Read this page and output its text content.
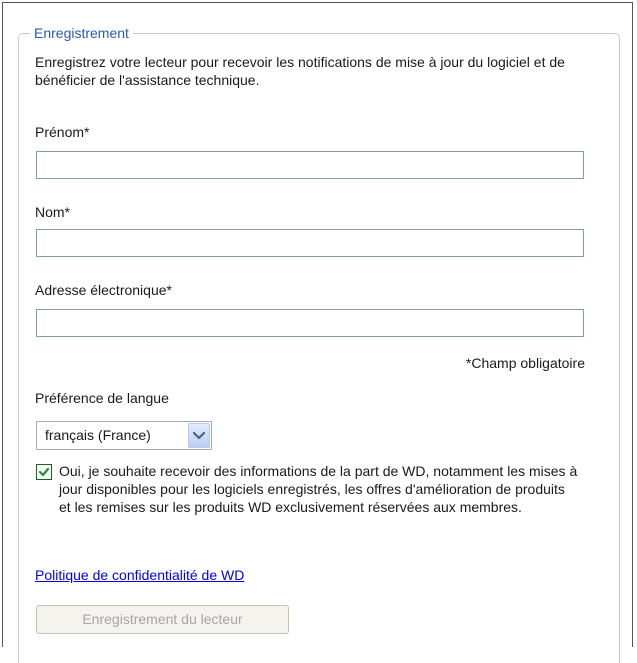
Enregistrement
Enregistrez votre lecteur pour recevoir les notifications de mise à jour du logiciel et de bénéficier de l'assistance technique.
Prénom*
Nom*
Adresse électronique*
*Champ obligatoire
Préférence de langue
français (France)
Oui, je souhaite recevoir des informations de la part de WD, notamment les mises à jour disponibles pour les logiciels enregistrés, les offres d'amélioration de produits et les remises sur les produits WD exclusivement réservées aux membres.
Politique de confidentialité de WD
Enregistrement du lecteur
